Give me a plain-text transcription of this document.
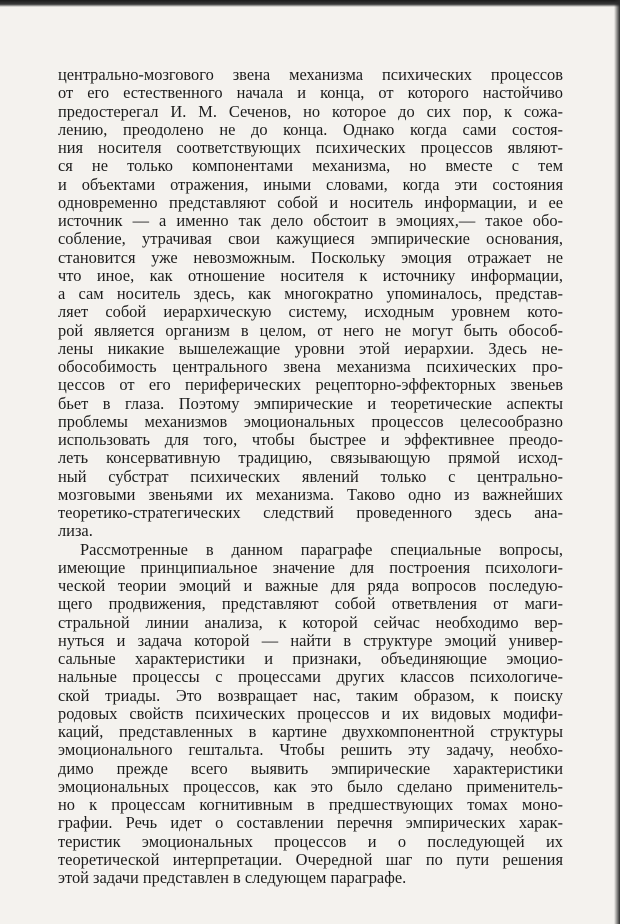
центрально-мозгового звена механизма психических процессов
от его естественного начала и конца, от которого настойчиво
предостерегал И. М. Сеченов, но которое до сих пор, к сожа-
лению, преодолено не до конца. Однако когда сами состоя-
ния носителя соответствующих психических процессов являют-
ся не только компонентами механизма, но вместе с тем
и объектами отражения, иными словами, когда эти состояния
одновременно представляют собой и носитель информации, и ее
источник — а именно так дело обстоит в эмоциях,— такое обо-
собление, утрачивая свои кажущиеся эмпирические основания,
становится уже невозможным. Поскольку эмоция отражает не
что иное, как отношение носителя к источнику информации,
а сам носитель здесь, как многократно упоминалось, представ-
ляет собой иерархическую систему, исходным уровнем кото-
рой является организм в целом, от него не могут быть обособ-
лены никакие вышележащие уровни этой иерархии. Здесь не-
обособимость центрального звена механизма психических про-
цессов от его периферических рецепторно-эффекторных звеньев
бьет в глаза. Поэтому эмпирические и теоретические аспекты
проблемы механизмов эмоциональных процессов целесообразно
использовать для того, чтобы быстрее и эффективнее преодо-
леть консервативную традицию, связывающую прямой исход-
ный субстрат психических явлений только с центрально-
мозговыми звеньями их механизма. Таково одно из важнейших
теоретико-стратегических следствий проведенного здесь ана-
лиза.
Рассмотренные в данном параграфе специальные вопросы,
имеющие принципиальное значение для построения психологи-
ческой теории эмоций и важные для ряда вопросов последую-
щего продвижения, представляют собой ответвления от маги-
стральной линии анализа, к которой сейчас необходимо вер-
нуться и задача которой — найти в структуре эмоций универ-
сальные характеристики и признаки, объединяющие эмоцио-
нальные процессы с процессами других классов психологиче-
ской триады. Это возвращает нас, таким образом, к поиску
родовых свойств психических процессов и их видовых модифи-
каций, представленных в картине двухкомпонентной структуры
эмоционального гештальта. Чтобы решить эту задачу, необхо-
димо прежде всего выявить эмпирические характеристики
эмоциональных процессов, как это было сделано применитель-
но к процессам когнитивным в предшествующих томах моно-
графии. Речь идет о составлении перечня эмпирических харак-
теристик эмоциональных процессов и о последующей их
теоретической интерпретации. Очередной шаг по пути решения
этой задачи представлен в следующем параграфе.
